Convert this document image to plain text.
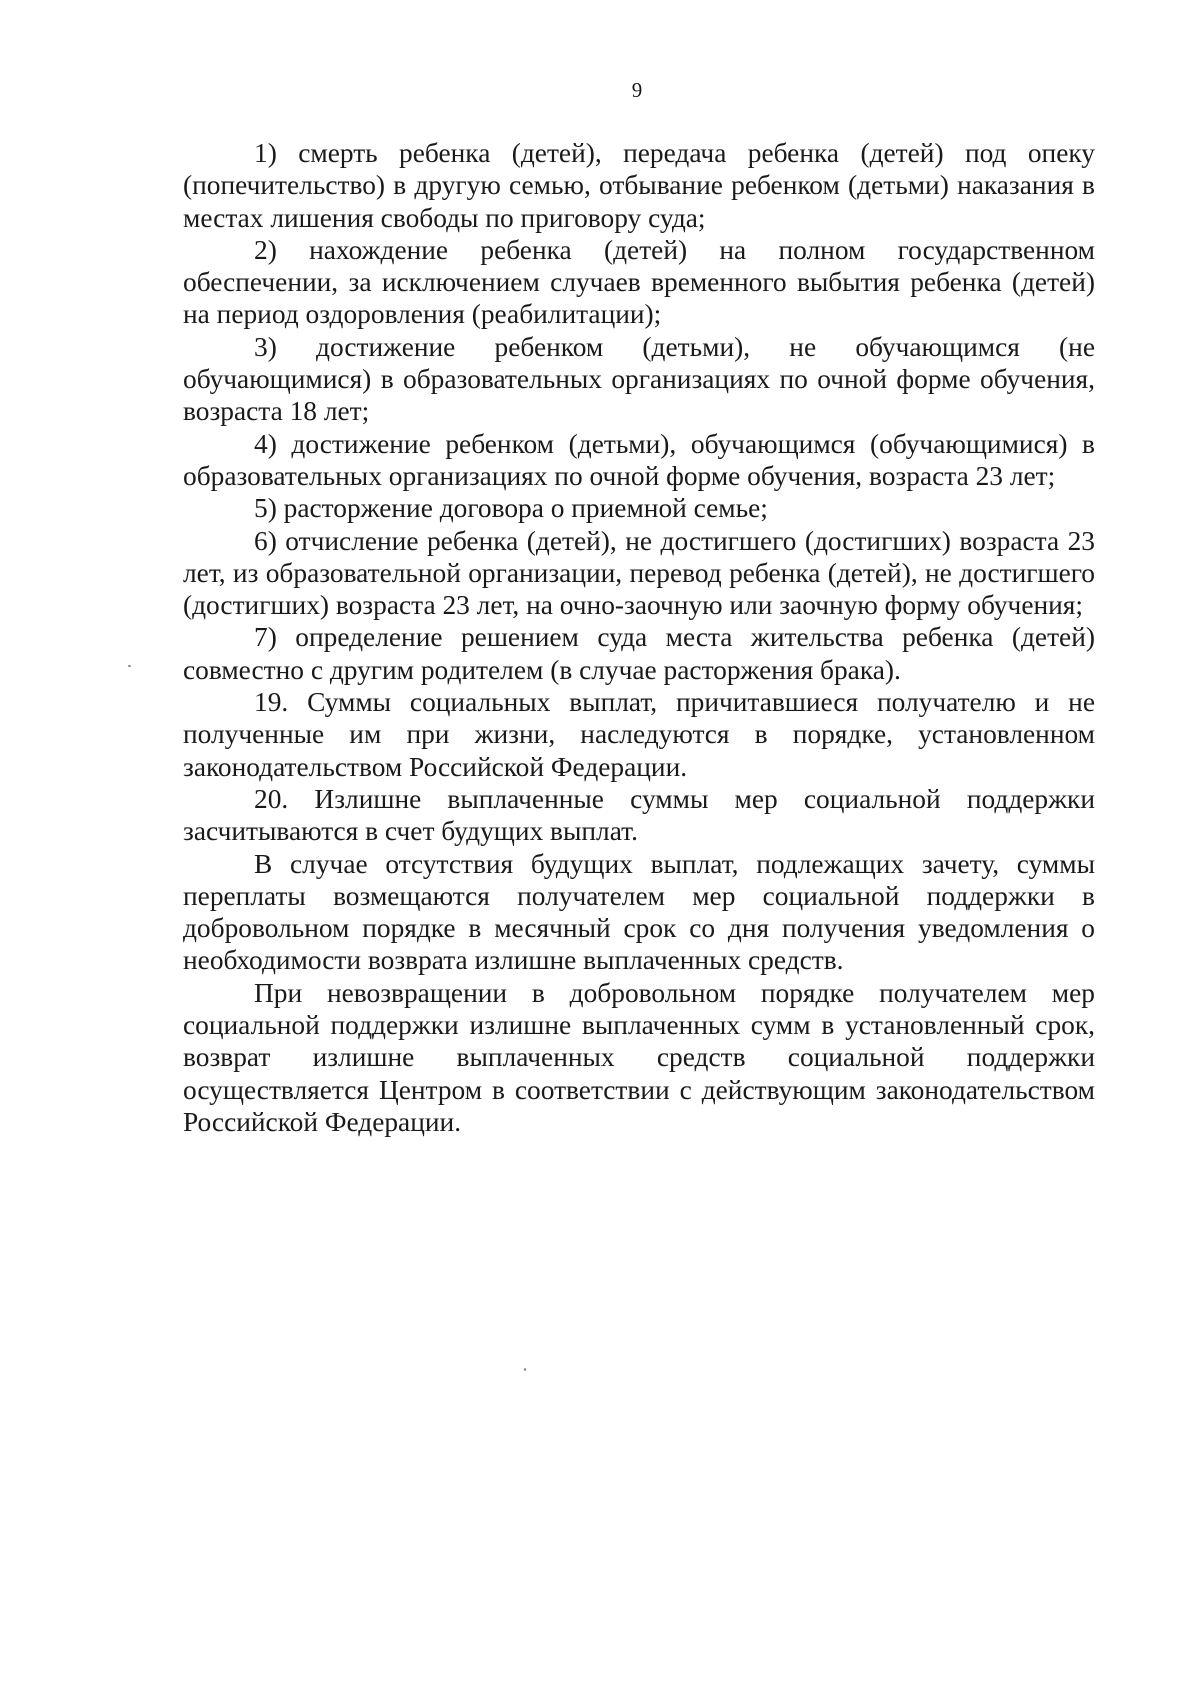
9

1) смерть ребенка (детей), передача ребенка (детей) под опеку (попечительство) в другую семью, отбывание ребенком (детьми) наказания в местах лишения свободы по приговору суда;

2) нахождение ребенка (детей) на полном государственном обеспечении, за исключением случаев временного выбытия ребенка (детей) на период оздоровления (реабилитации);

3) достижение ребенком (детьми), не обучающимся (не обучающимися) в образовательных организациях по очной форме обучения, возраста 18 лет;

4) достижение ребенком (детьми), обучающимся (обучающимися) в образовательных организациях по очной форме обучения, возраста 23 лет;

5) расторжение договора о приемной семье;

6) отчисление ребенка (детей), не достигшего (достигших) возраста 23 лет, из образовательной организации, перевод ребенка (детей), не достигшего (достигших) возраста 23 лет, на очно-заочную или заочную форму обучения;

7) определение решением суда места жительства ребенка (детей) совместно с другим родителем (в случае расторжения брака).

19. Суммы социальных выплат, причитавшиеся получателю и не полученные им при жизни, наследуются в порядке, установленном законодательством Российской Федерации.

20. Излишне выплаченные суммы мер социальной поддержки засчитываются в счет будущих выплат.

В случае отсутствия будущих выплат, подлежащих зачету, суммы переплаты возмещаются получателем мер социальной поддержки в добровольном порядке в месячный срок со дня получения уведомления о необходимости возврата излишне выплаченных средств.

При невозвращении в добровольном порядке получателем мер социальной поддержки излишне выплаченных сумм в установленный срок, возврат излишне выплаченных средств социальной поддержки осуществляется Центром в соответствии с действующим законодательством Российской Федерации.
